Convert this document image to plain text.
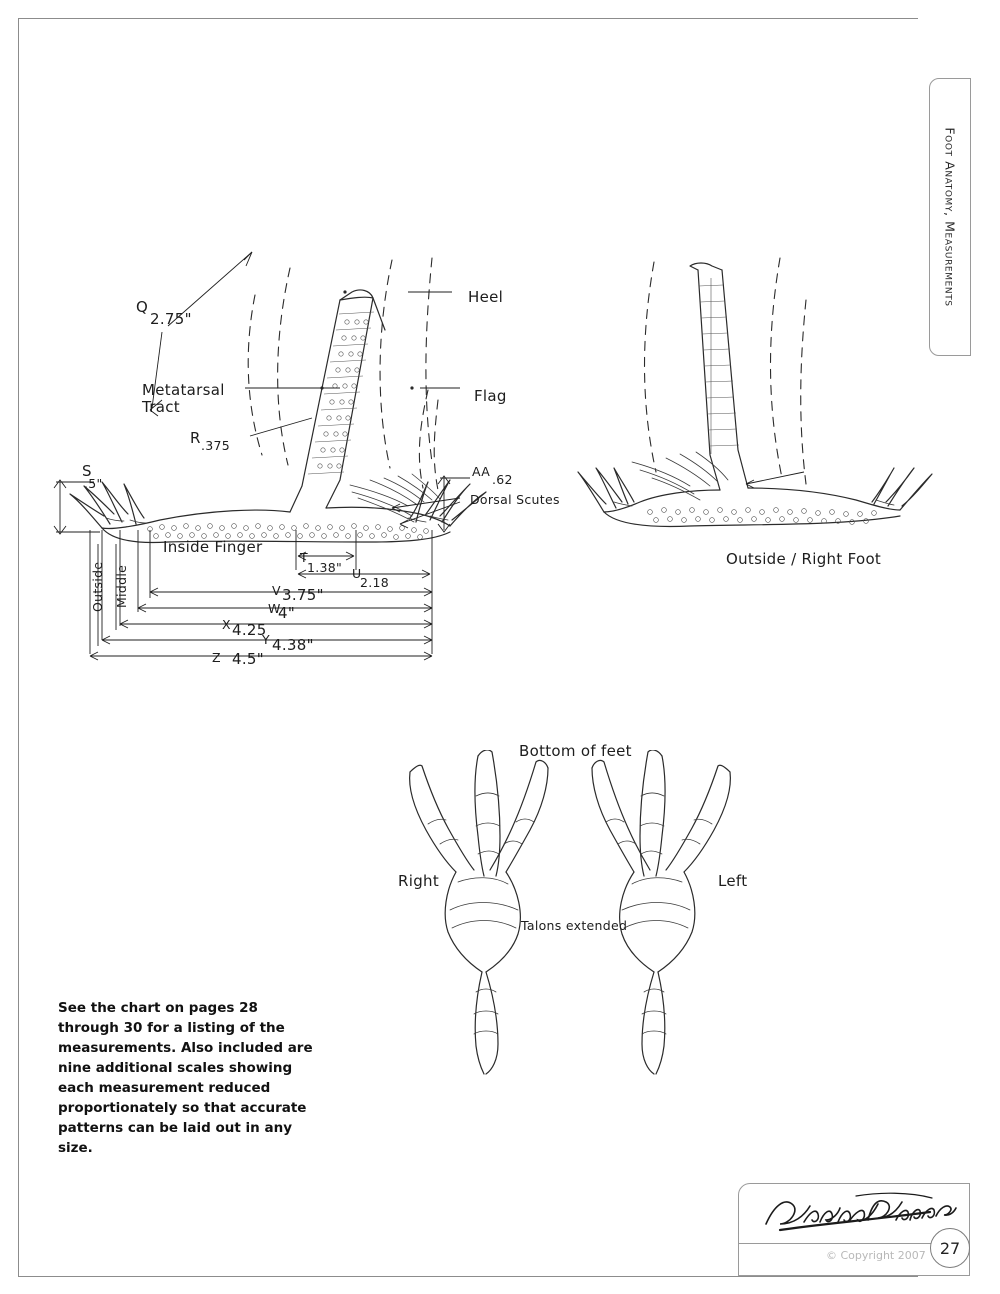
Foot Anatomy, Measurements
Q
2.75"
Metatarsal
Tract
R .375
S
.5"
Heel
Flag
AA
.62
Dorsal Scutes
Inside Finger
Outside Middle
T
1.38" U
2.18
V 3.75"
W
4"
X 4.25
Y 4.38"
Z 4.5"
Outside / Right Foot
Bottom of feet
Right	Left
Talons extended
See the chart on pages 28 through 30 for a listing of the measurements. Also included are nine additional scales showing each measurement reduced proportionately so that accurate patterns can be laid out in any size.
© Copyright 2007 27
